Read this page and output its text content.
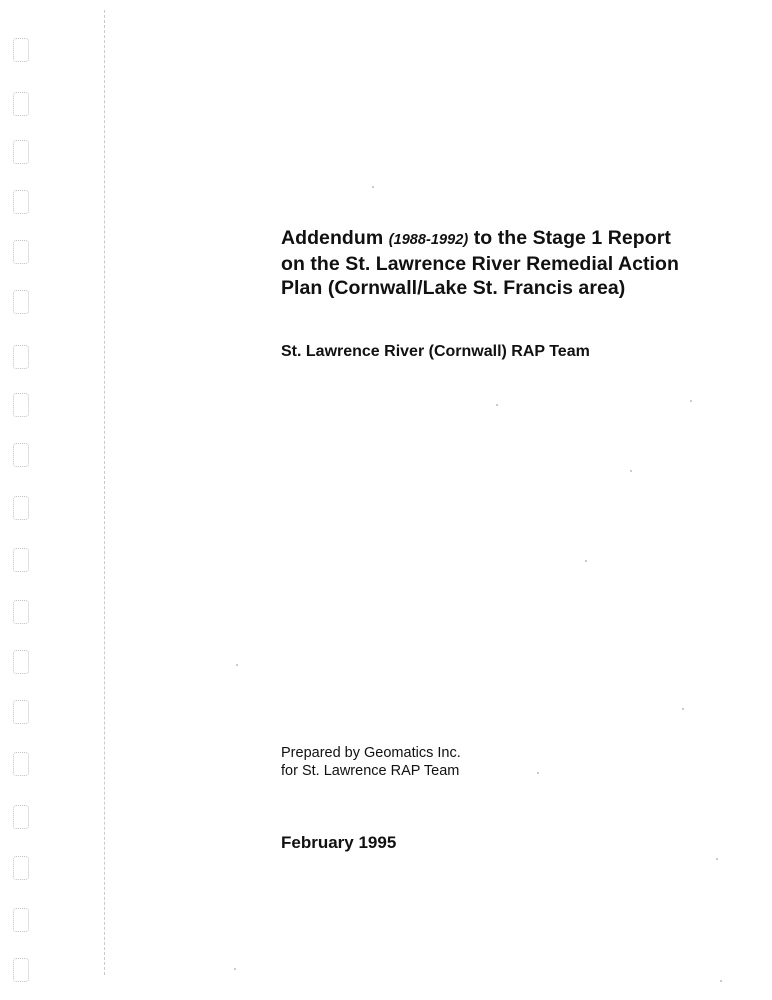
Addendum (1988-1992) to the Stage 1 Report
on the St. Lawrence River Remedial Action
Plan (Cornwall/Lake St. Francis area)

St. Lawrence River (Cornwall) RAP Team

Prepared by Geomatics Inc.
for St. Lawrence RAP Team

February 1995
